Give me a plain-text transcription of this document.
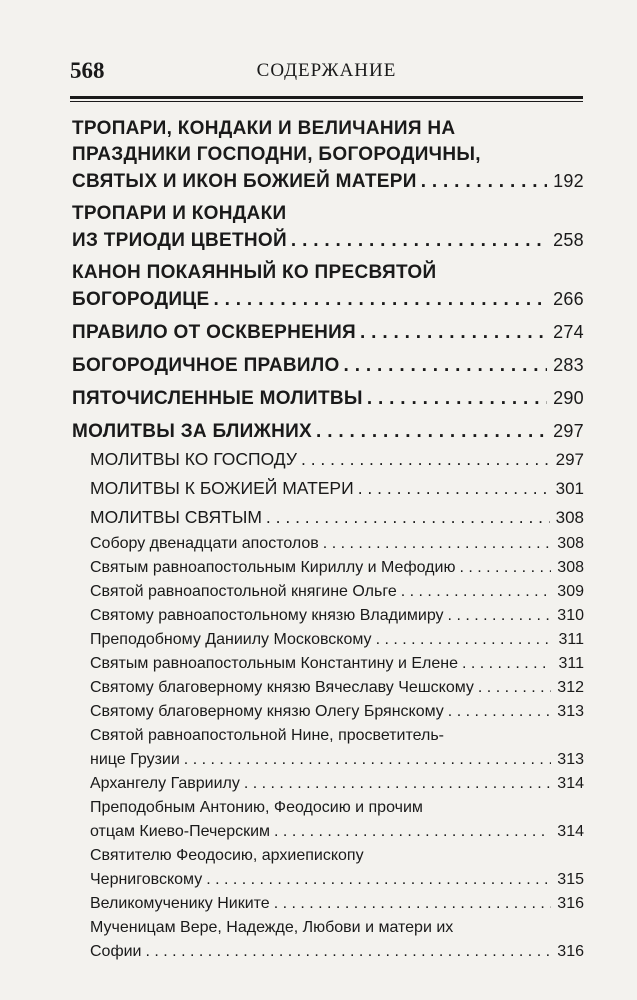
568	СОДЕРЖАНИЕ
ТРОПАРИ, КОНДАКИ И ВЕЛИЧАНИЯ НА
ПРАЗДНИКИ ГОСПОДНИ, БОГОРОДИЧНЫ,
СВЯТЫХ И ИКОН БОЖИЕЙ МАТЕРИ . . .	192
ТРОПАРИ И КОНДАКИ
ИЗ ТРИОДИ ЦВЕТНОЙ . . .	258
КАНОН ПОКАЯННЫЙ КО ПРЕСВЯТОЙ
БОГОРОДИЦЕ . . .	266
ПРАВИЛО ОТ ОСКВЕРНЕНИЯ . . .	274
БОГОРОДИЧНОЕ ПРАВИЛО . . .	283
ПЯТОЧИСЛЕННЫЕ МОЛИТВЫ . . .	290
МОЛИТВЫ ЗА БЛИЖНИХ . . .	297
МОЛИТВЫ КО ГОСПОДУ . . .	297
МОЛИТВЫ К БОЖИЕЙ МАТЕРИ . . .	301
МОЛИТВЫ СВЯТЫМ . . .	308
Собору двенадцати апостолов . . .	308
Святым равноапостольным Кириллу и Мефодию . . .	308
Святой равноапостольной княгине Ольге . . .	309
Святому равноапостольному князю Владимиру . . .	310
Преподобному Даниилу Московскому . . .	311
Святым равноапостольным Константину и Елене . . .	311
Святому благоверному князю Вячеславу Чешскому . . .	312
Святому благоверному князю Олегу Брянскому . . .	313
Святой равноапостольной Нине, просветитель-
нице Грузии . . .	313
Архангелу Гавриилу . . .	314
Преподобным Антонию, Феодосию и прочим
отцам Киево-Печерским . . .	314
Святителю Феодосию, архиепископу
Черниговскому . . .	315
Великомученику Никите . . .	316
Мученицам Вере, Надежде, Любови и матери их
Софии . . .	316
